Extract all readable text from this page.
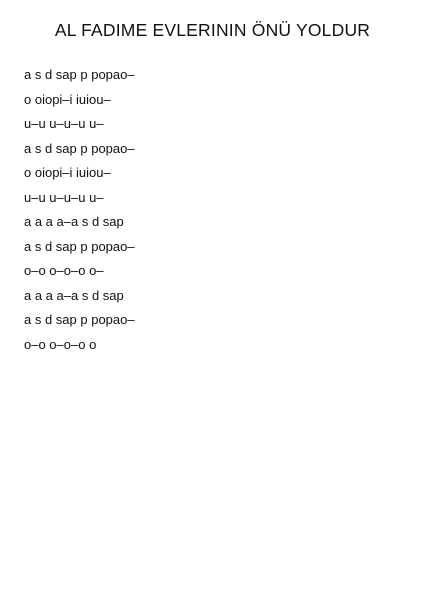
AL FADIME EVLERININ ÖNÜ YOLDUR
a s d sap p popao–
o oiopi–i iuiou–
u–u u–u–u u–
a s d sap p popao–
o oiopi–i iuiou–
u–u u–u–u u–
a a a a–a s d sap
a s d sap p popao–
o–o o–o–o o–
a a a a–a s d sap
a s d sap p popao–
o–o o–o–o o
